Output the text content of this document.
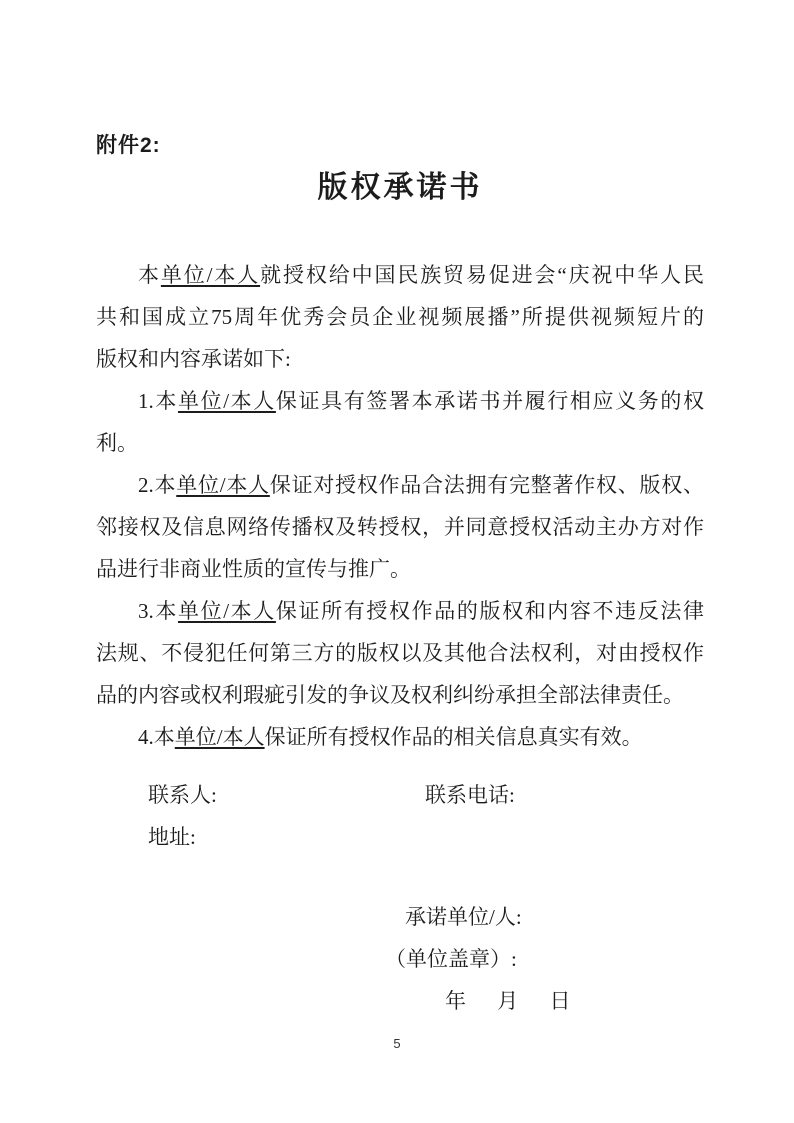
附件2:
版权承诺书
本单位/本人就授权给中国民族贸易促进会“庆祝中华人民
共和国成立75周年优秀会员企业视频展播”所提供视频短片的
版权和内容承诺如下:
1.本单位/本人保证具有签署本承诺书并履行相应义务的权
利。
2.本单位/本人保证对授权作品合法拥有完整著作权、版权、
邻接权及信息网络传播权及转授权，并同意授权活动主办方对作
品进行非商业性质的宣传与推广。
3.本单位/本人保证所有授权作品的版权和内容不违反法律
法规、不侵犯任何第三方的版权以及其他合法权利，对由授权作
品的内容或权利瑕疵引发的争议及权利纠纷承担全部法律责任。
4.本单位/本人保证所有授权作品的相关信息真实有效。
联系人:	联系电话:
地址:
承诺单位/人:
（单位盖章）:
年 月 日
5
